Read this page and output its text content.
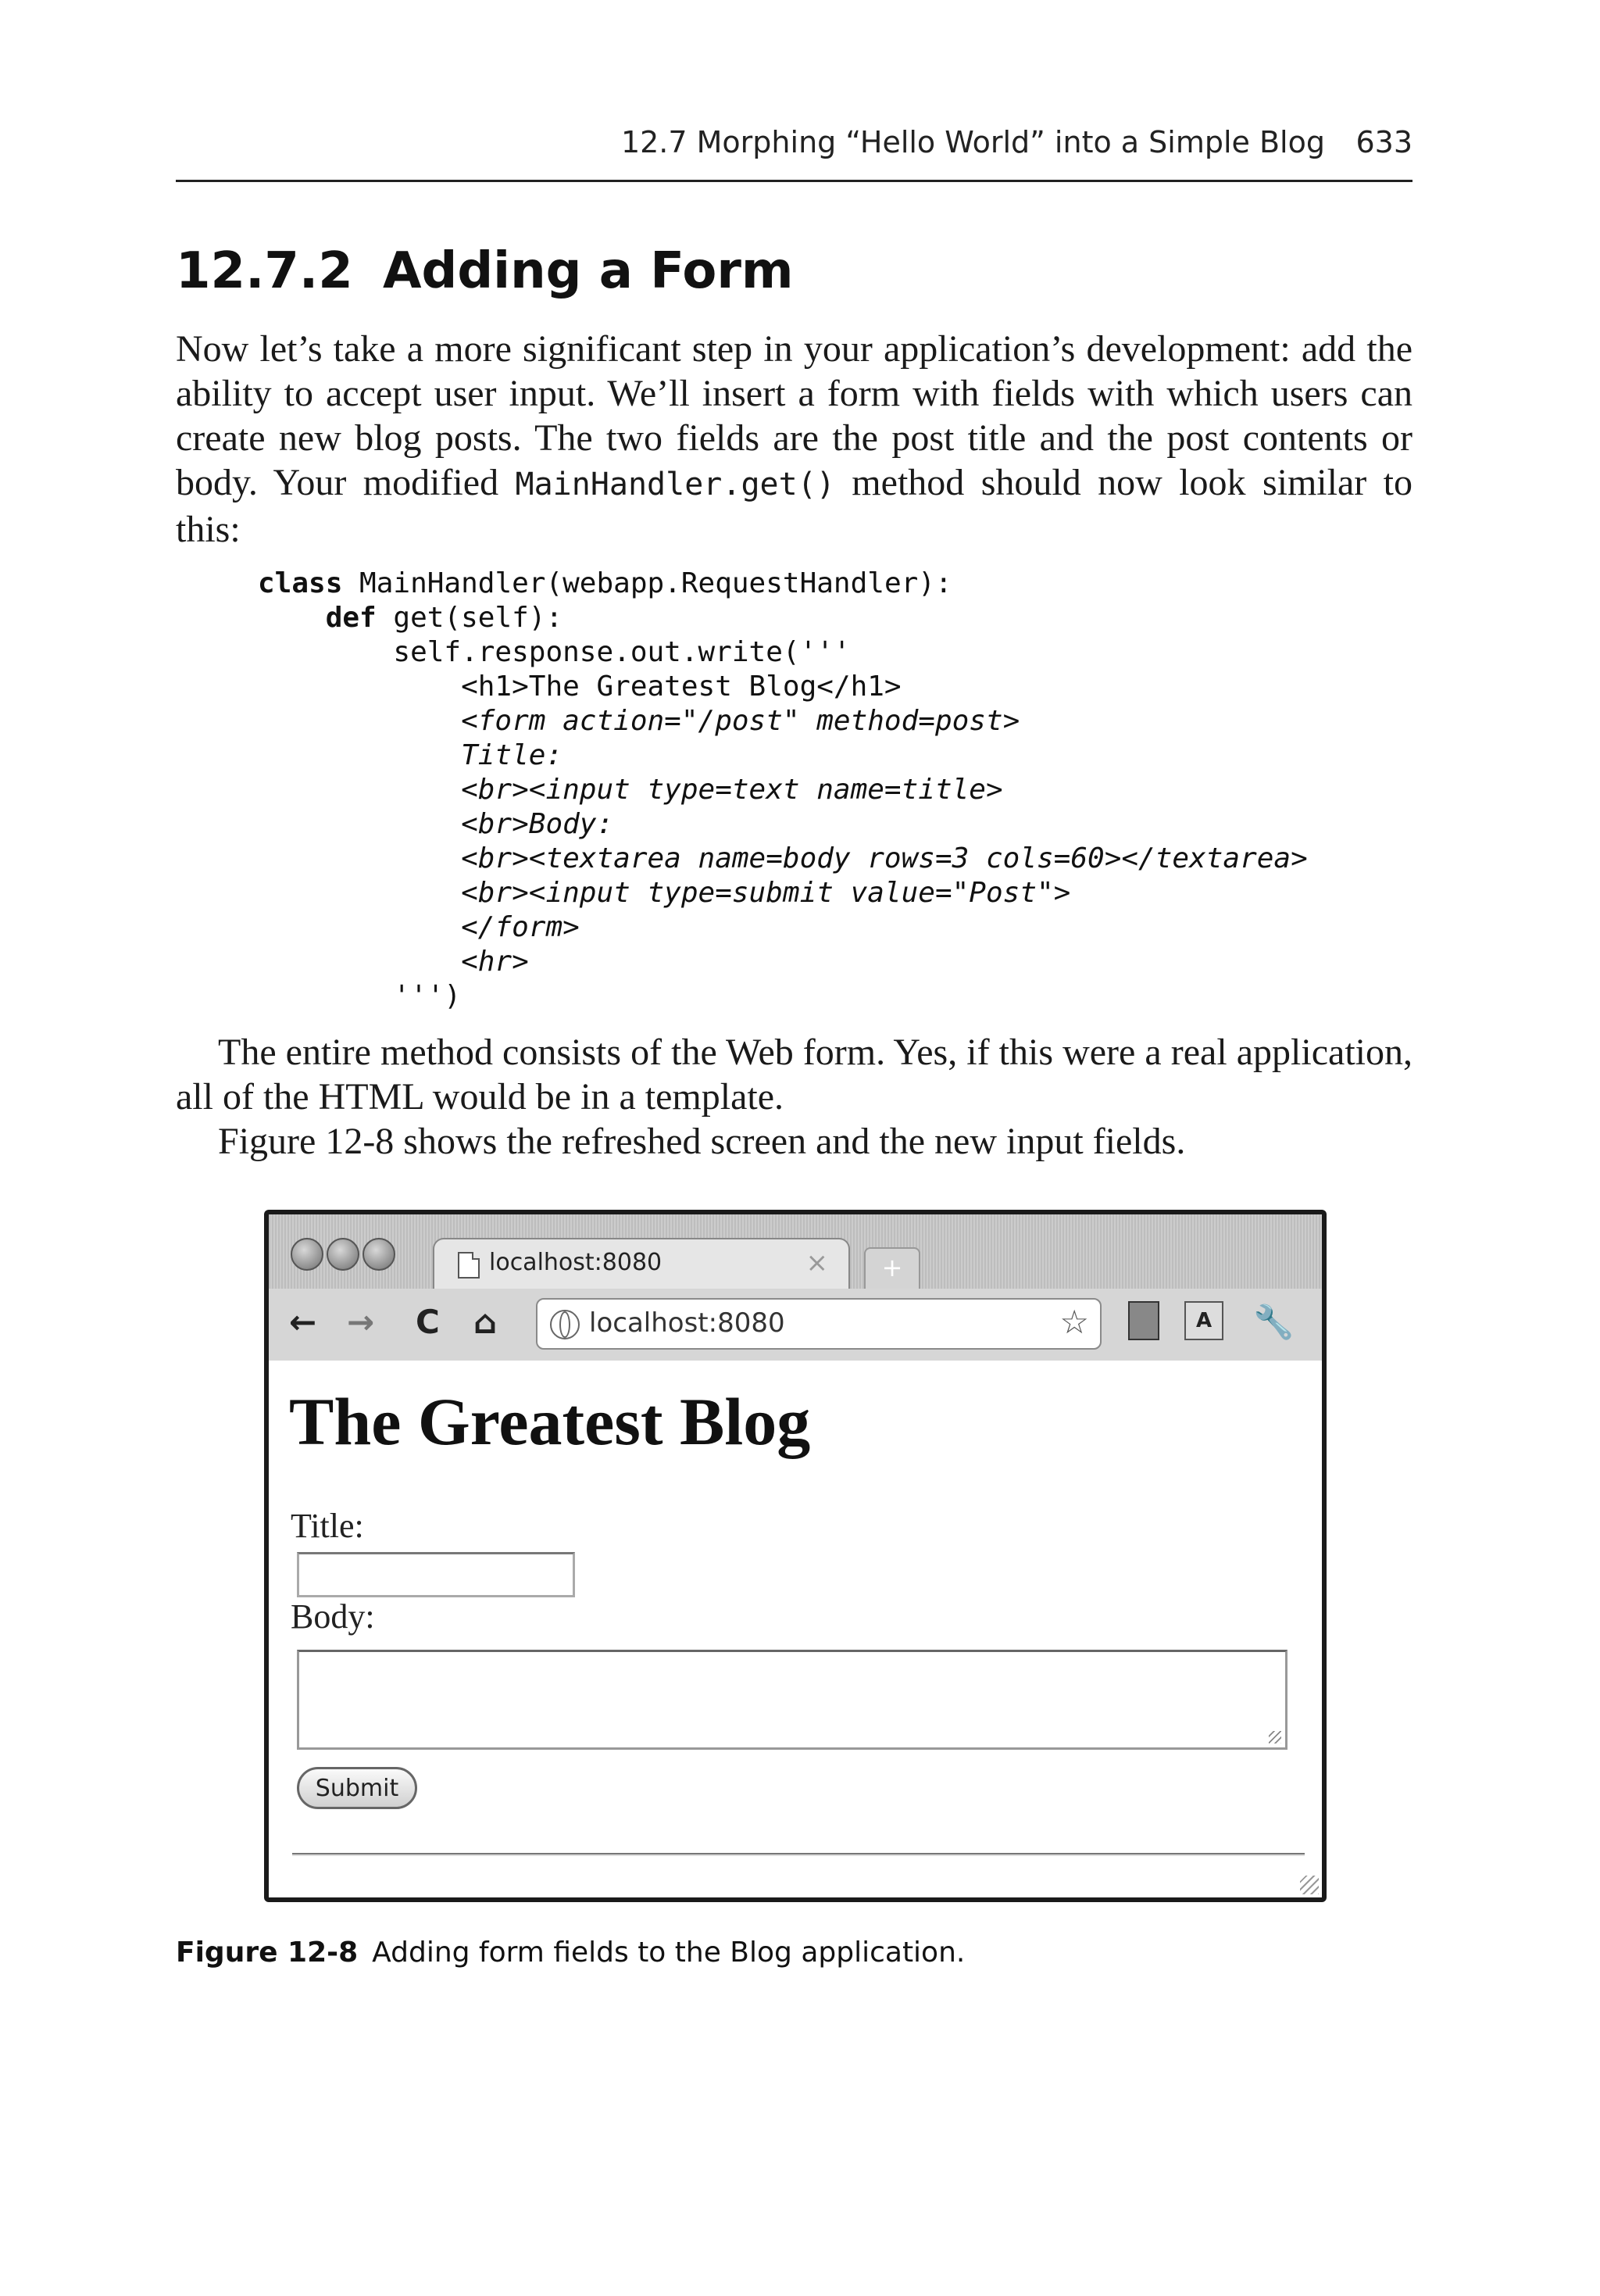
12.7 Morphing “Hello World” into a Simple Blog 633
12.7.2 Adding a Form

Now let’s take a more significant step in your application’s development: add the ability to accept user input. We’ll insert a form with fields with which users can create new blog posts. The two fields are the post title and the post contents or body. Your modified MainHandler.get() method should now look similar to this:

class MainHandler(webapp.RequestHandler):
def get(self):
self.response.out.write('''
<h1>The Greatest Blog</h1>
<form action="/post" method=post>
Title:
<br><input type=text name=title>
<br>Body:
<br><textarea name=body rows=3 cols=60></textarea>
<br><input type=submit value="Post">
</form>
<hr>
''')

The entire method consists of the Web form. Yes, if this were a real application, all of the HTML would be in a template.

Figure 12-8 shows the refreshed screen and the new input fields.

localhost:8080	×	+
← → C ⌂	localhost:8080	☆	A	🔧
The Greatest Blog
Title:
Body:
Submit

Figure 12-8 Adding form fields to the Blog application.
